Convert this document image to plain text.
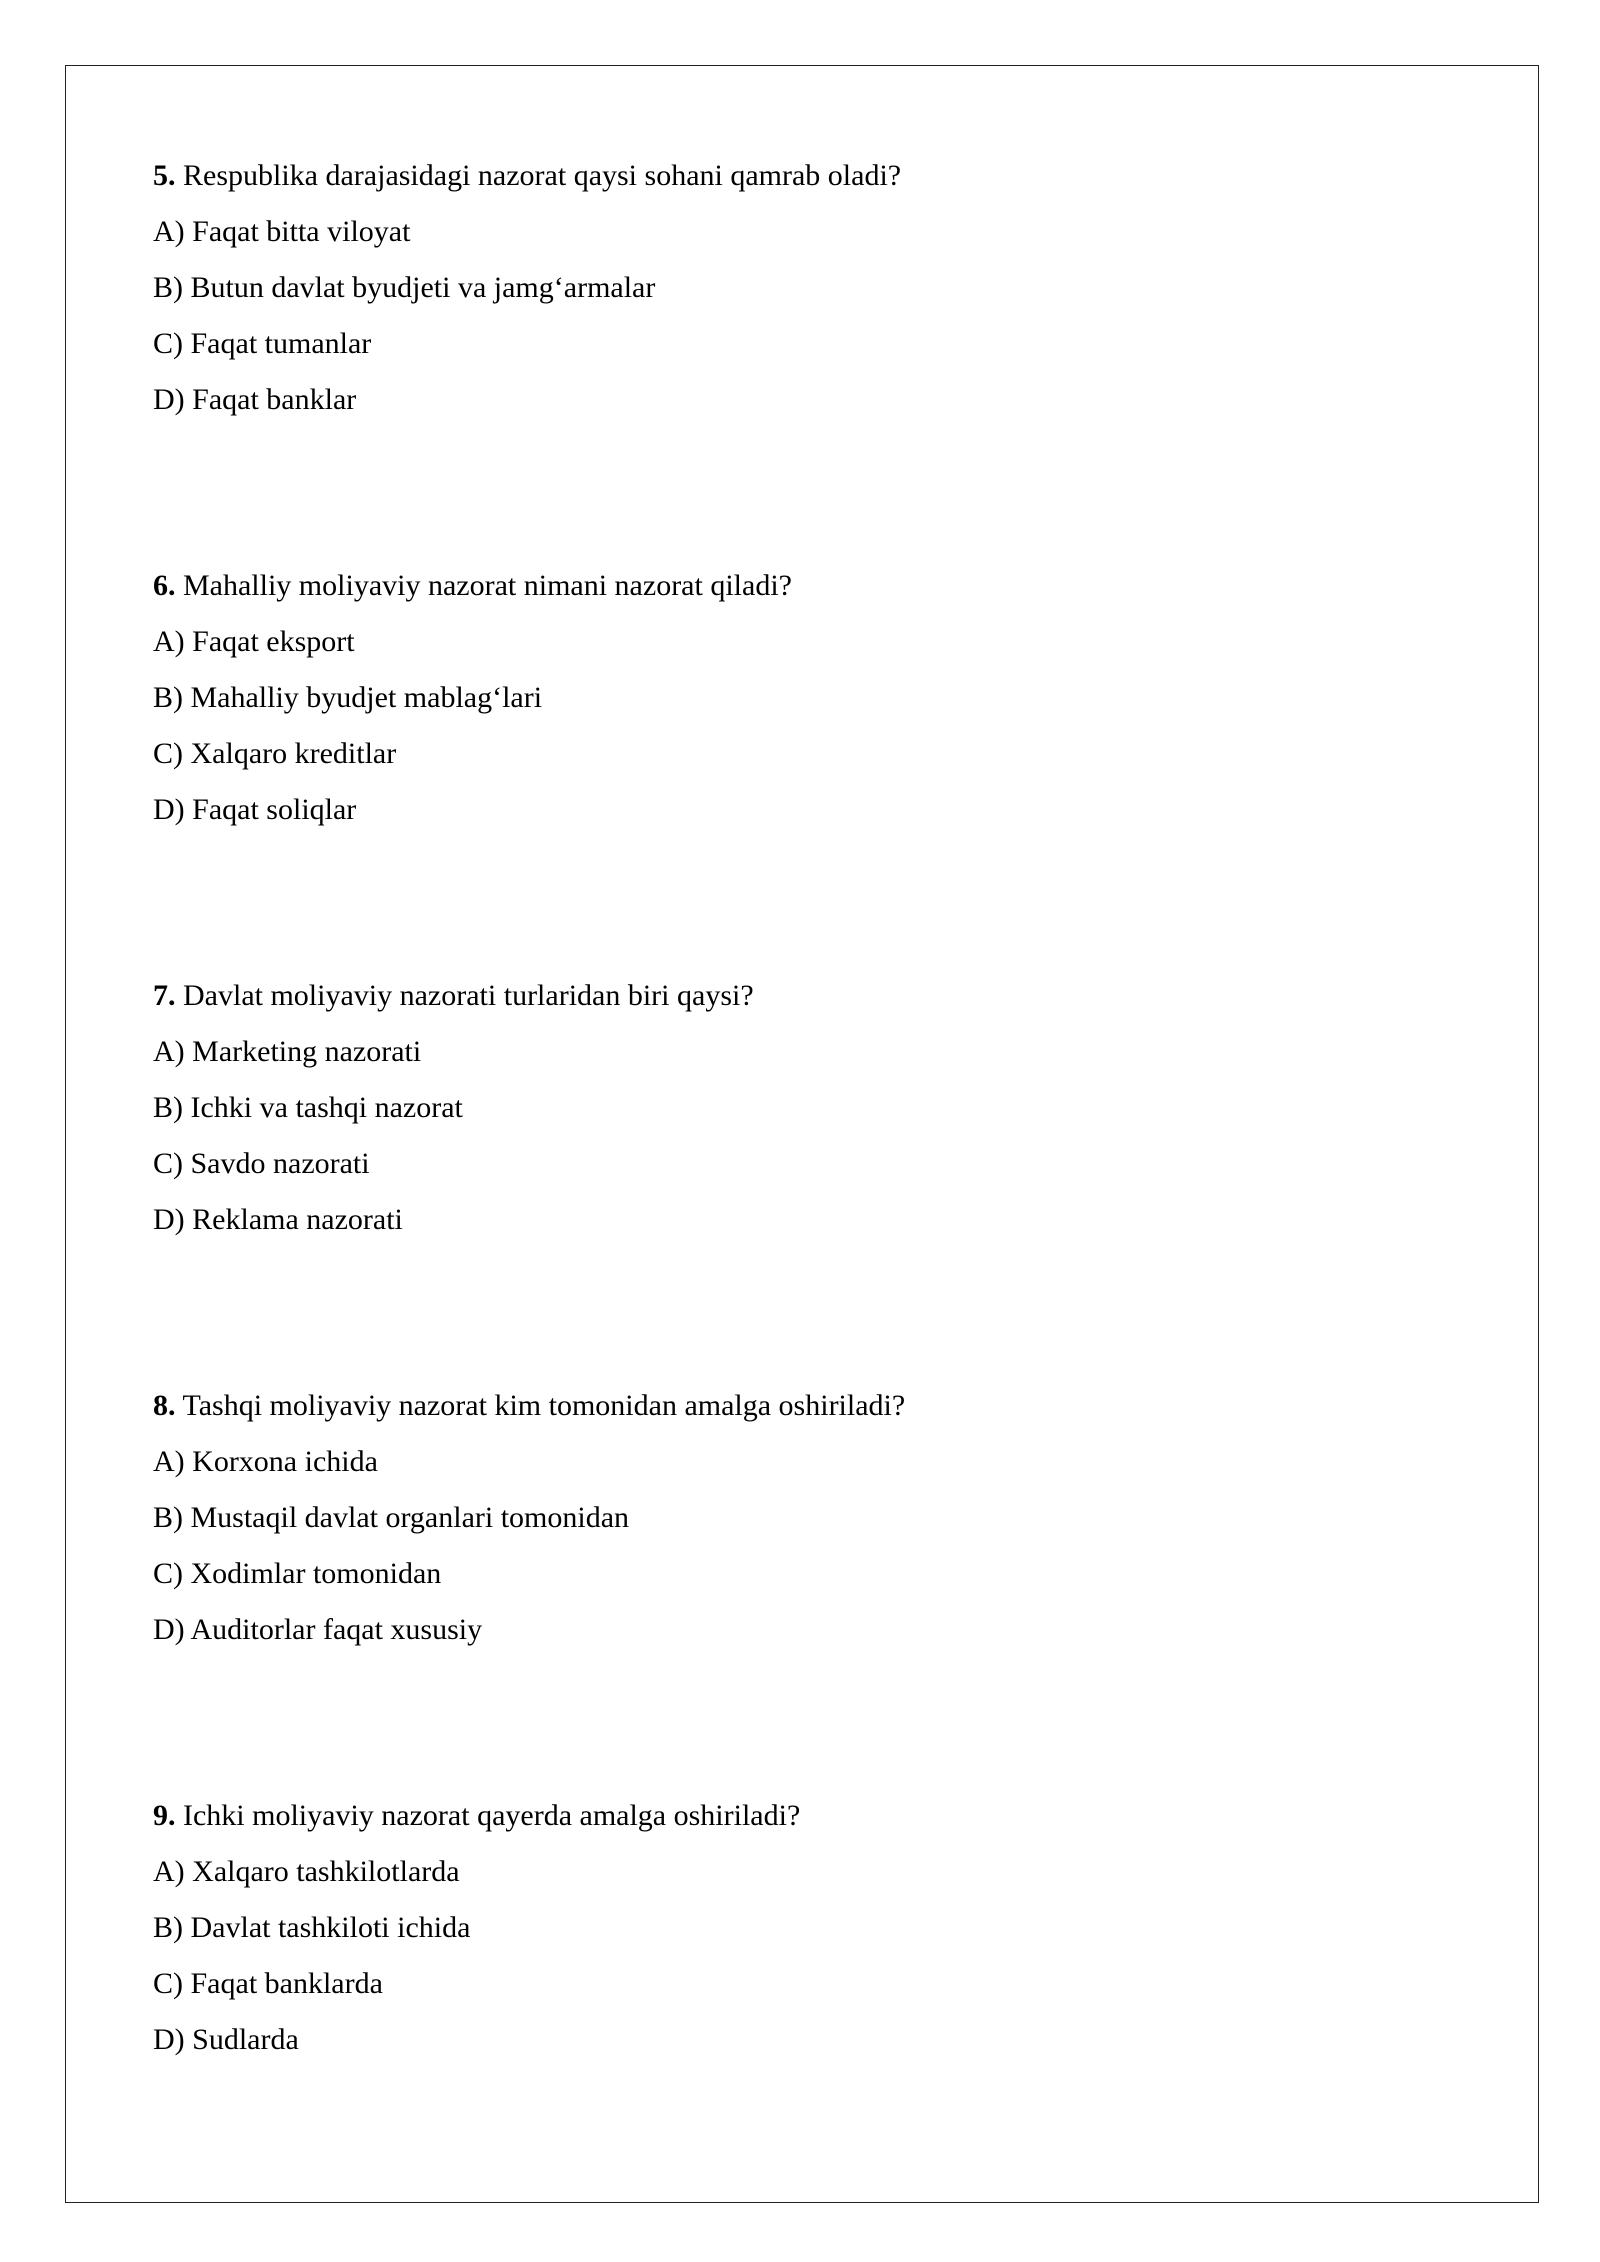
5. Respublika darajasidagi nazorat qaysi sohani qamrab oladi?
A) Faqat bitta viloyat
B) Butun davlat byudjeti va jamg‘armalar
C) Faqat tumanlar
D) Faqat banklar
6. Mahalliy moliyaviy nazorat nimani nazorat qiladi?
A) Faqat eksport
B) Mahalliy byudjet mablag‘lari
C) Xalqaro kreditlar
D) Faqat soliqlar
7. Davlat moliyaviy nazorati turlaridan biri qaysi?
A) Marketing nazorati
B) Ichki va tashqi nazorat
C) Savdo nazorati
D) Reklama nazorati
8. Tashqi moliyaviy nazorat kim tomonidan amalga oshiriladi?
A) Korxona ichida
B) Mustaqil davlat organlari tomonidan
C) Xodimlar tomonidan
D) Auditorlar faqat xususiy
9. Ichki moliyaviy nazorat qayerda amalga oshiriladi?
A) Xalqaro tashkilotlarda
B) Davlat tashkiloti ichida
C) Faqat banklarda
D) Sudlarda
